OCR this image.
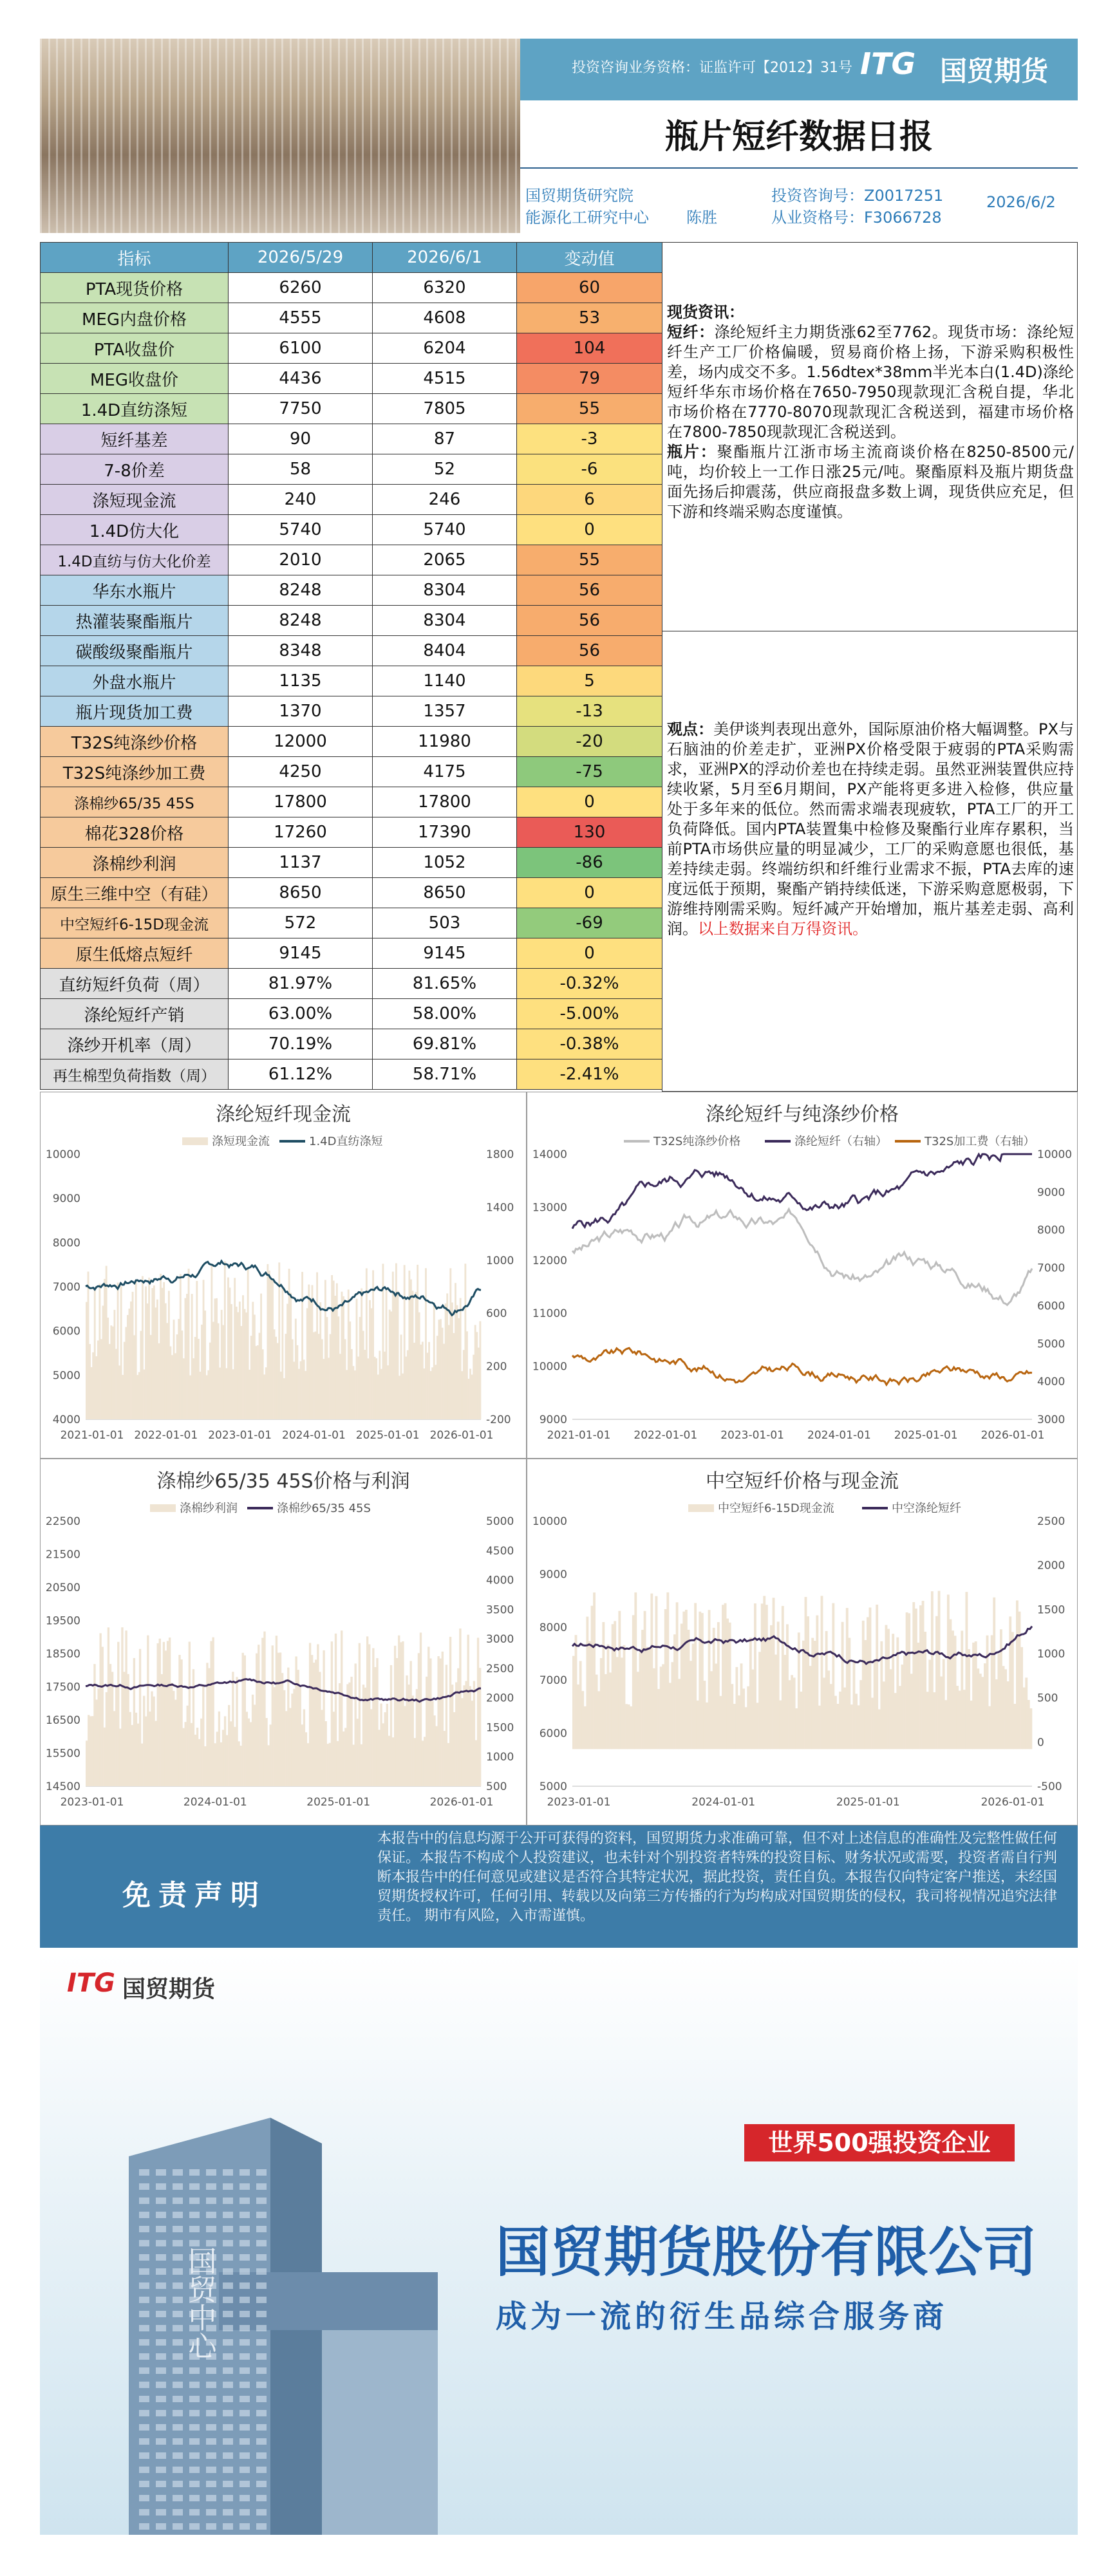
投资咨询业务资格：证监许可【2012】31号 ITG 国贸期货
瓶片短纤数据日报
国贸期货研究院
能源化工研究中心 陈胜
投资咨询号：Z0017251
从业资格号：F3066728
2026/6/2
指标	2026/5/29	2026/6/1	变动值
PTA现货价格	6260	6320	60
MEG内盘价格	4555	4608	53
PTA收盘价	6100	6204	104
MEG收盘价	4436	4515	79
1.4D直纺涤短	7750	7805	55
短纤基差	90	87	-3
7-8价差	58	52	-6
涤短现金流	240	246	6
1.4D仿大化	5740	5740	0
1.4D直纺与仿大化价差	2010	2065	55
华东水瓶片	8248	8304	56
热灌装聚酯瓶片	8248	8304	56
碳酸级聚酯瓶片	8348	8404	56
外盘水瓶片	1135	1140	5
瓶片现货加工费	1370	1357	-13
T32S纯涤纱价格	12000	11980	-20
T32S纯涤纱加工费	4250	4175	-75
涤棉纱65/35 45S	17800	17800	0
棉花328价格	17260	17390	130
涤棉纱利润	1137	1052	-86
原生三维中空（有硅）	8650	8650	0
中空短纤6-15D现金流	572	503	-69
原生低熔点短纤	9145	9145	0
直纺短纤负荷（周）	81.97%	81.65%	-0.32%
涤纶短纤产销	63.00%	58.00%	-5.00%
涤纱开机率（周）	70.19%	69.81%	-0.38%
再生棉型负荷指数（周）	61.12%	58.71%	-2.41%
现货资讯：
短纤：涤纶短纤主力期货涨62至7762。现货市场：涤纶短纤生产工厂价格偏暖，贸易商价格上扬，下游采购积极性差，场内成交不多。1.56dtex*38mm半光本白(1.4D)涤纶短纤华东市场价格在7650-7950现款现汇含税自提，华北市场价格在7770-8070现款现汇含税送到，福建市场价格在7800-7850现款现汇含税送到。
瓶片：聚酯瓶片江浙市场主流商谈价格在8250-8500元/吨，均价较上一工作日涨25元/吨。聚酯原料及瓶片期货盘面先扬后抑震荡，供应商报盘多数上调，现货供应充足，但下游和终端采购态度谨慎。
观点：美伊谈判表现出意外，国际原油价格大幅调整。PX与石脑油的价差走扩，亚洲PX价格受限于疲弱的PTA采购需求，亚洲PX的浮动价差也在持续走弱。虽然亚洲装置供应持续收紧，5月至6月期间，PX产能将更多进入检修，供应量处于多年来的低位。然而需求端表现疲软，PTA工厂的开工负荷降低。国内PTA装置集中检修及聚酯行业库存累积，当前PTA市场供应量的明显减少，工厂的采购意愿也很低，基差持续走弱。终端纺织和纤维行业需求不振，PTA去库的速度远低于预期，聚酯产销持续低迷，下游采购意愿极弱，下游维持刚需采购。短纤减产开始增加，瓶片基差走弱、高利润。以上数据来自万得资讯。
涤纶短纤现金流
涤短现金流	1.4D直纺涤短
10000
9000
8000
7000
6000
5000
4000
1800
1400
1000
600
200
-200
2021-01-01 2022-01-01 2023-01-01 2024-01-01 2025-01-01 2026-01-01
涤纶短纤与纯涤纱价格
T32S纯涤纱价格	涤纶短纤（右轴）	T32S加工费（右轴）
14000
13000
12000
11000
10000
9000
10000
9000
8000
7000
6000
5000
4000
3000
2021-01-01 2022-01-01 2023-01-01 2024-01-01 2025-01-01 2026-01-01
涤棉纱65/35 45S价格与利润
涤棉纱利润	涤棉纱65/35 45S
22500
21500
20500
19500
18500
17500
16500
15500
14500
5000
4500
4000
3500
3000
2500
2000
1500
1000
500
2023-01-01	2024-01-01	2025-01-01	2026-01-01
中空短纤价格与现金流
中空短纤6-15D现金流	中空涤纶短纤
10000
9000
8000
7000
6000
5000
2500
2000
1500
1000
500
0
-500
2023-01-01	2024-01-01	2025-01-01	2026-01-01
免责声明
本报告中的信息均源于公开可获得的资料，国贸期货力求准确可靠，但不对上述信息的准确性及完整性做任何保证。本报告不构成个人投资建议，也未针对个别投资者特殊的投资目标、财务状况或需要，投资者需自行判断本报告中的任何意见或建议是否符合其特定状况，据此投资，责任自负。本报告仅向特定客户推送，未经国贸期货授权许可，任何引用、转载以及向第三方传播的行为均构成对国贸期货的侵权，我司将视情况追究法律责任。 期市有风险，入市需谨慎。
国贸中心
ITG 国贸期货
世界500强投资企业
国贸期货股份有限公司
成为一流的衍生品综合服务商
